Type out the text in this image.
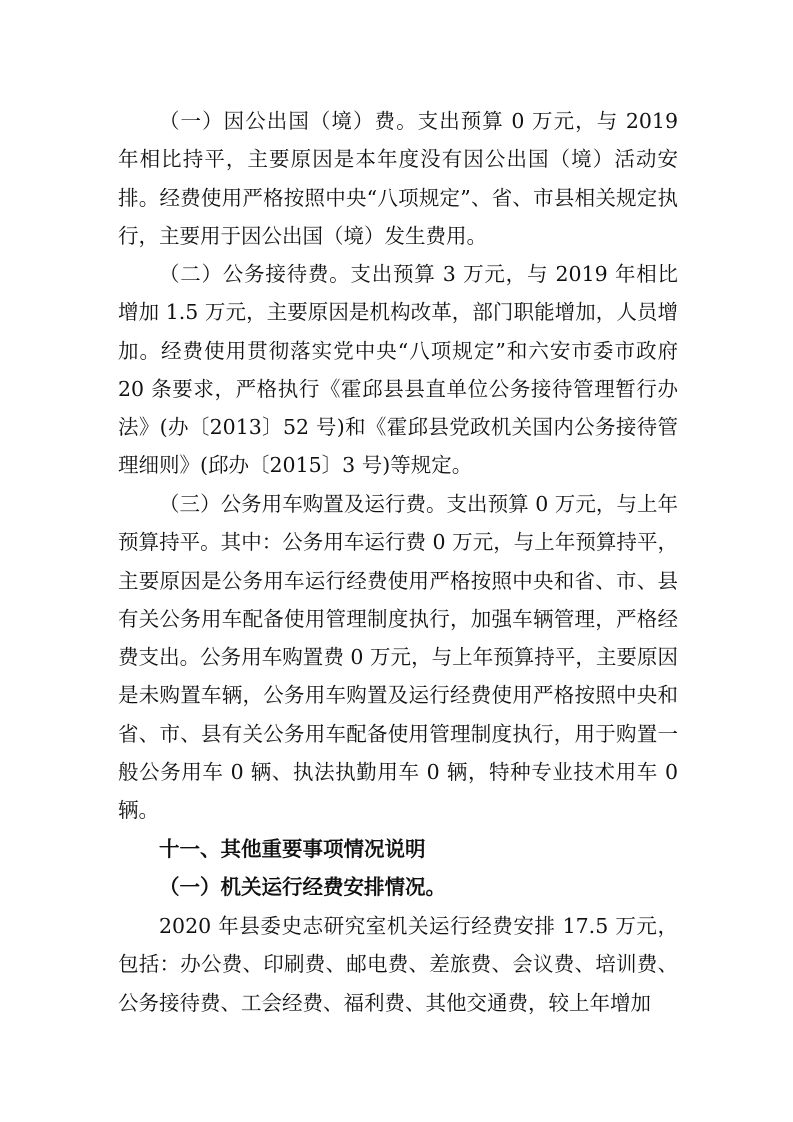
（一）因公出国（境）费。支出预算 0 万元，与 2019 年相比持平，主要原因是本年度没有因公出国（境）活动安排。经费使用严格按照中央“八项规定”、省、市县相关规定执行，主要用于因公出国（境）发生费用。

（二）公务接待费。支出预算 3 万元，与 2019 年相比增加 1.5 万元，主要原因是机构改革，部门职能增加，人员增加。经费使用贯彻落实党中央“八项规定”和六安市委市政府 20 条要求，严格执行《霍邱县县直单位公务接待管理暂行办法》(办〔2013〕52 号)和《霍邱县党政机关国内公务接待管理细则》(邱办〔2015〕3 号)等规定。

（三）公务用车购置及运行费。支出预算 0 万元，与上年预算持平。其中：公务用车运行费 0 万元，与上年预算持平，主要原因是公务用车运行经费使用严格按照中央和省、市、县有关公务用车配备使用管理制度执行，加强车辆管理，严格经费支出。公务用车购置费 0 万元，与上年预算持平，主要原因是未购置车辆，公务用车购置及运行经费使用严格按照中央和省、市、县有关公务用车配备使用管理制度执行，用于购置一般公务用车 0 辆、执法执勤用车 0 辆，特种专业技术用车 0 辆。

十一、其他重要事项情况说明

（一）机关运行经费安排情况。

2020 年县委史志研究室机关运行经费安排 17.5 万元，包括：办公费、印刷费、邮电费、差旅费、会议费、培训费、公务接待费、工会经费、福利费、其他交通费，较上年增加
